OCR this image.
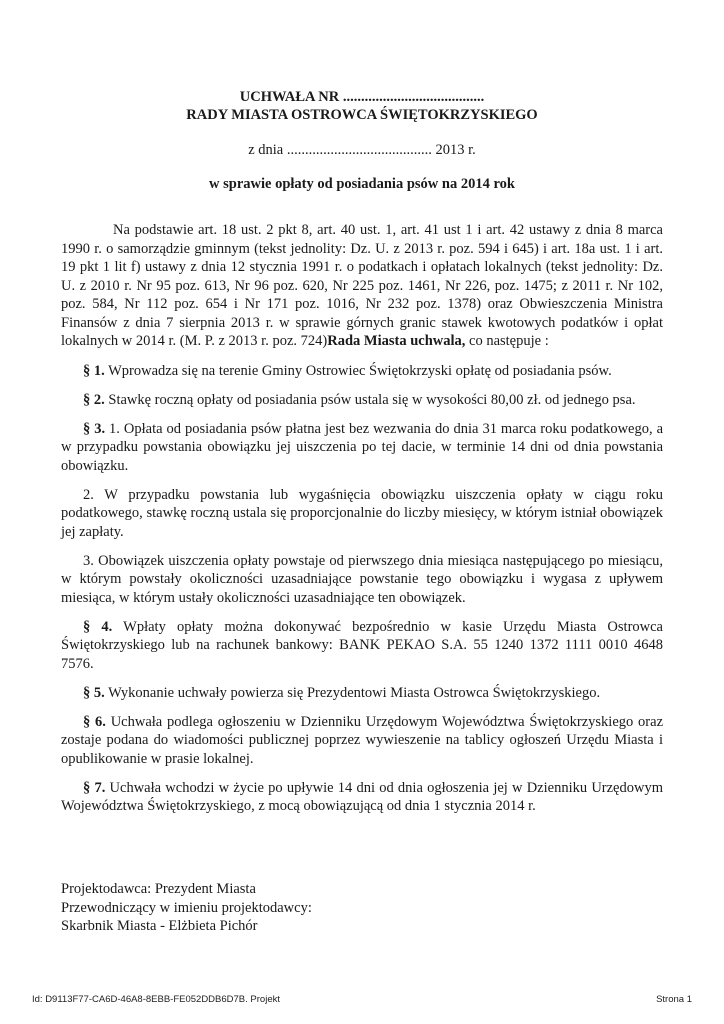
UCHWAŁA NR .......................................
RADY MIASTA OSTROWCA ŚWIĘTOKRZYSKIEGO
z dnia ........................................ 2013 r.
w sprawie opłaty od posiadania psów na 2014 rok

Na podstawie art. 18 ust. 2 pkt 8, art. 40 ust. 1, art. 41 ust 1 i art. 42 ustawy z dnia 8 marca 1990 r. o samorządzie gminnym (tekst jednolity: Dz. U. z 2013 r. poz. 594 i 645) i art. 18a ust. 1 i art. 19 pkt 1 lit f) ustawy z dnia 12 stycznia 1991 r. o podatkach i opłatach lokalnych (tekst jednolity: Dz. U. z 2010 r. Nr 95 poz. 613, Nr 96 poz. 620, Nr 225 poz. 1461, Nr 226, poz. 1475; z 2011 r. Nr 102, poz. 584, Nr 112 poz. 654 i Nr 171 poz. 1016, Nr 232 poz. 1378) oraz Obwieszczenia Ministra Finansów z dnia 7 sierpnia 2013 r. w sprawie górnych granic stawek kwotowych podatków i opłat lokalnych w 2014 r. (M. P. z 2013 r. poz. 724)Rada Miasta uchwala, co następuje :

§ 1. Wprowadza się na terenie Gminy Ostrowiec Świętokrzyski opłatę od posiadania psów.

§ 2. Stawkę roczną opłaty od posiadania psów ustala się w wysokości 80,00 zł. od jednego psa.

§ 3. 1. Opłata od posiadania psów płatna jest bez wezwania do dnia 31 marca roku podatkowego, a w przypadku powstania obowiązku jej uiszczenia po tej dacie, w terminie 14 dni od dnia powstania obowiązku.

2. W przypadku powstania lub wygaśnięcia obowiązku uiszczenia opłaty w ciągu roku podatkowego, stawkę roczną ustala się proporcjonalnie do liczby miesięcy, w którym istniał obowiązek jej zapłaty.

3. Obowiązek uiszczenia opłaty powstaje od pierwszego dnia miesiąca następującego po miesiącu, w którym powstały okoliczności uzasadniające powstanie tego obowiązku i wygasa z upływem miesiąca, w którym ustały okoliczności uzasadniające ten obowiązek.

§ 4. Wpłaty opłaty można dokonywać bezpośrednio w kasie Urzędu Miasta Ostrowca Świętokrzyskiego lub na rachunek bankowy: BANK PEKAO S.A. 55 1240 1372 1111 0010 4648 7576.

§ 5. Wykonanie uchwały powierza się Prezydentowi Miasta Ostrowca Świętokrzyskiego.

§ 6. Uchwała podlega ogłoszeniu w Dzienniku Urzędowym Województwa Świętokrzyskiego oraz zostaje podana do wiadomości publicznej poprzez wywieszenie na tablicy ogłoszeń Urzędu Miasta i opublikowanie w prasie lokalnej.

§ 7. Uchwała wchodzi w życie po upływie 14 dni od dnia ogłoszenia jej w Dzienniku Urzędowym Województwa Świętokrzyskiego, z mocą obowiązującą od dnia 1 stycznia 2014 r.

Projektodawca: Prezydent Miasta
Przewodniczący w imieniu projektodawcy:
Skarbnik Miasta - Elżbieta Pichór
Id: D9113F77-CA6D-46A8-8EBB-FE052DDB6D7B. Projekt	Strona 1
